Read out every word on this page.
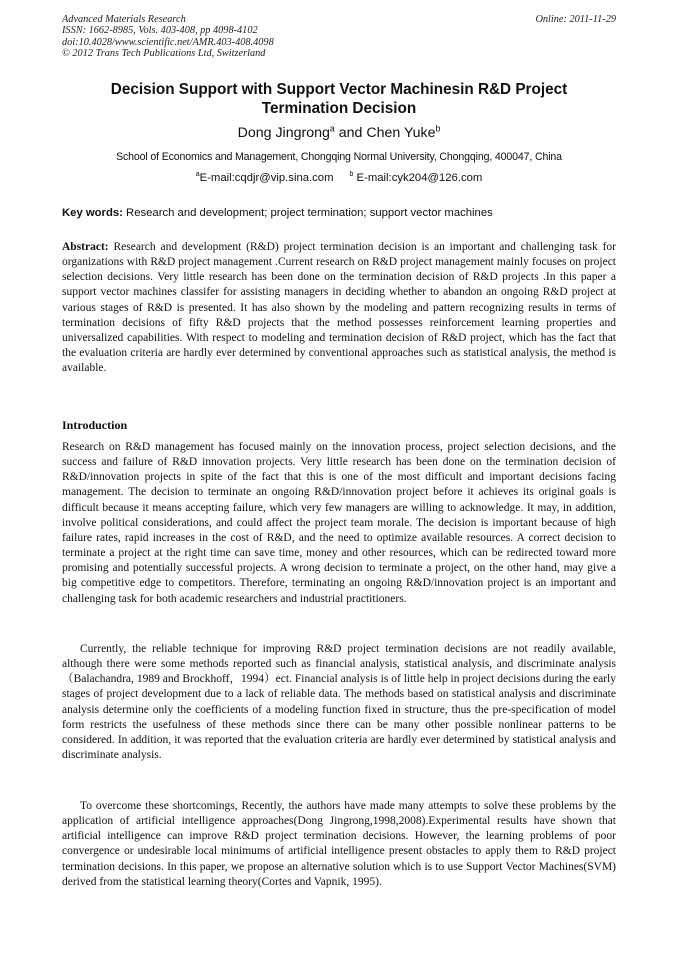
Advanced Materials Research
ISSN: 1662-8985, Vols. 403-408, pp 4098-4102
doi:10.4028/www.scientific.net/AMR.403-408.4098
© 2012 Trans Tech Publications Ltd, Switzerland
Online: 2011-11-29
Decision Support with Support Vector Machinesin R&D Project
Termination Decision
Dong Jingrong$^a$ and Chen Yuke$^b$
School of Economics and Management, Chongqing Normal University, Chongqing, 400047, China
$^a$E-mail:cqdjr@vip.sina.com $^b$ E-mail:cyk204@126.com
Key words: Research and development; project termination; support vector machines

Abstract: Research and development (R&D) project termination decision is an important and challenging task for organizations with R&D project management .Current research on R&D project management mainly focuses on project selection decisions. Very little research has been done on the termination decision of R&D projects .In this paper a support vector machines classifer for assisting managers in deciding whether to abandon an ongoing R&D project at various stages of R&D is presented. It has also shown by the modeling and pattern recognizing results in terms of termination decisions of fifty R&D projects that the method possesses reinforcement learning properties and universalized capabilities. With respect to modeling and termination decision of R&D project, which has the fact that the evaluation criteria are hardly ever determined by conventional approaches such as statistical analysis, the method is available.

Introduction

Research on R&D management has focused mainly on the innovation process, project selection decisions, and the success and failure of R&D innovation projects. Very little research has been done on the termination decision of R&D/innovation projects in spite of the fact that this is one of the most difficult and important decisions facing management. The decision to terminate an ongoing R&D/innovation project before it achieves its original goals is difficult because it means accepting failure, which very few managers are willing to acknowledge. It may, in addition, involve political considerations, and could affect the project team morale. The decision is important because of high failure rates, rapid increases in the cost of R&D, and the need to optimize available resources. A correct decision to terminate a project at the right time can save time, money and other resources, which can be redirected toward more promising and potentially successful projects. A wrong decision to terminate a project, on the other hand, may give a big competitive edge to competitors. Therefore, terminating an ongoing R&D/innovation project is an important and challenging task for both academic researchers and industrial practitioners.

Currently, the reliable technique for improving R&D project termination decisions are not readily available, although there were some methods reported such as financial analysis, statistical analysis, and discriminate analysis（Balachandra, 1989 and Brockhoff，1994）ect. Financial analysis is of little help in project decisions during the early stages of project development due to a lack of reliable data. The methods based on statistical analysis and discriminate analysis determine only the coefficients of a modeling function fixed in structure, thus the pre-specification of model form restricts the usefulness of these methods since there can be many other possible nonlinear patterns to be considered. In addition, it was reported that the evaluation criteria are hardly ever determined by statistical analysis and discriminate analysis.

To overcome these shortcomings, Recently, the authors have made many attempts to solve these problems by the application of artificial intelligence approaches(Dong Jingrong,1998,2008).Experimental results have shown that artificial intelligence can improve R&D project termination decisions. However, the learning problems of poor convergence or undesirable local minimums of artificial intelligence present obstacles to apply them to R&D project termination decisions. In this paper, we propose an alternative solution which is to use Support Vector Machines(SVM) derived from the statistical learning theory(Cortes and Vapnik, 1995).
